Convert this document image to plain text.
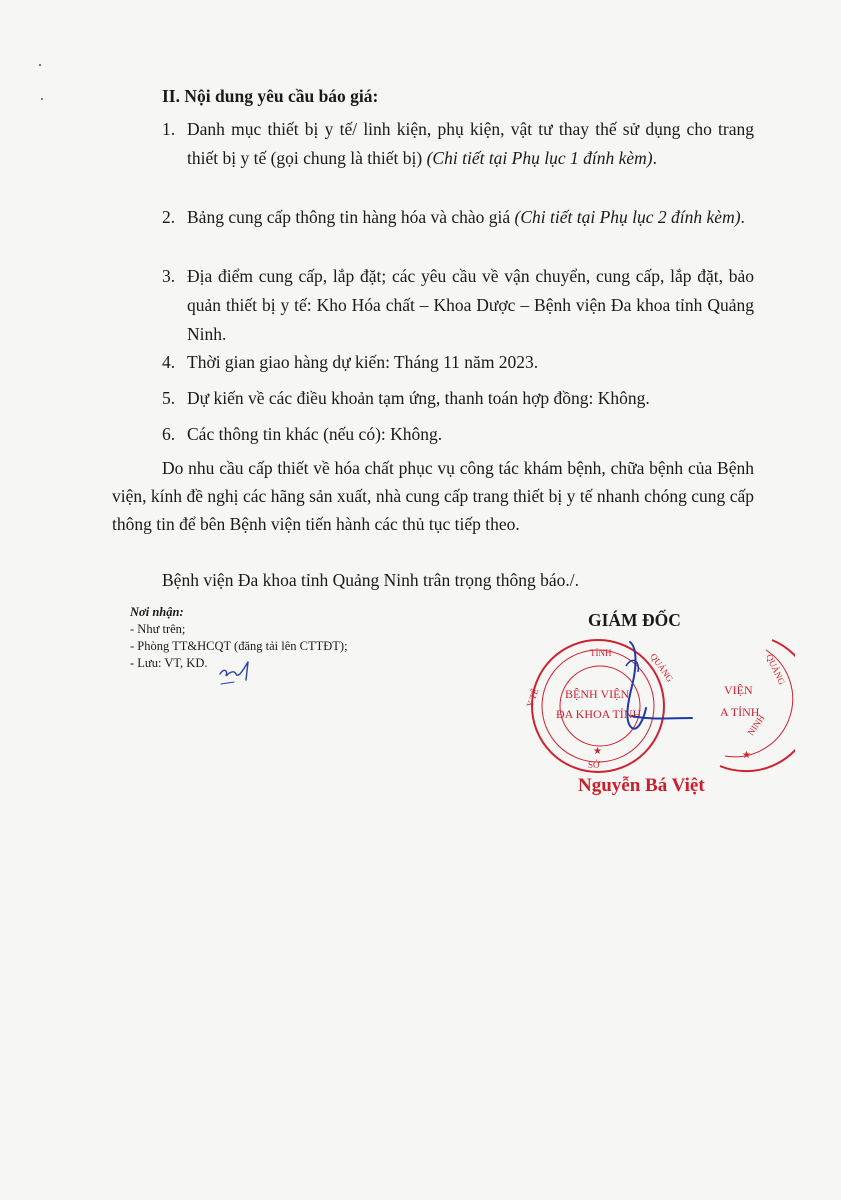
II. Nội dung yêu cầu báo giá:
1. Danh mục thiết bị y tế/ linh kiện, phụ kiện, vật tư thay thế sử dụng cho trang thiết bị y tế (gọi chung là thiết bị) (Chi tiết tại Phụ lục 1 đính kèm).
2. Bảng cung cấp thông tin hàng hóa và chào giá (Chi tiết tại Phụ lục 2 đính kèm).
3. Địa điểm cung cấp, lắp đặt; các yêu cầu về vận chuyển, cung cấp, lắp đặt, bảo quản thiết bị y tế: Kho Hóa chất – Khoa Dược – Bệnh viện Đa khoa tỉnh Quảng Ninh.
4. Thời gian giao hàng dự kiến: Tháng 11 năm 2023.
5. Dự kiến về các điều khoản tạm ứng, thanh toán hợp đồng: Không.
6. Các thông tin khác (nếu có): Không.
Do nhu cầu cấp thiết về hóa chất phục vụ công tác khám bệnh, chữa bệnh của Bệnh viện, kính đề nghị các hãng sản xuất, nhà cung cấp trang thiết bị y tế nhanh chóng cung cấp thông tin để bên Bệnh viện tiến hành các thủ tục tiếp theo.
Bệnh viện Đa khoa tỉnh Quảng Ninh trân trọng thông báo./.
Nơi nhận:
- Như trên;
- Phòng TT&HCQT (đăng tải lên CTTĐT);
- Lưu: VT, KD.
GIÁM ĐỐC
TỈNH
Y TẾ
QUẢNG
BỆNH VIỆN
ĐA KHOA TỈNH
SỞ
VIỆN
A TỈNH
QUẢNG
NINH
★	★
Nguyễn Bá Việt
